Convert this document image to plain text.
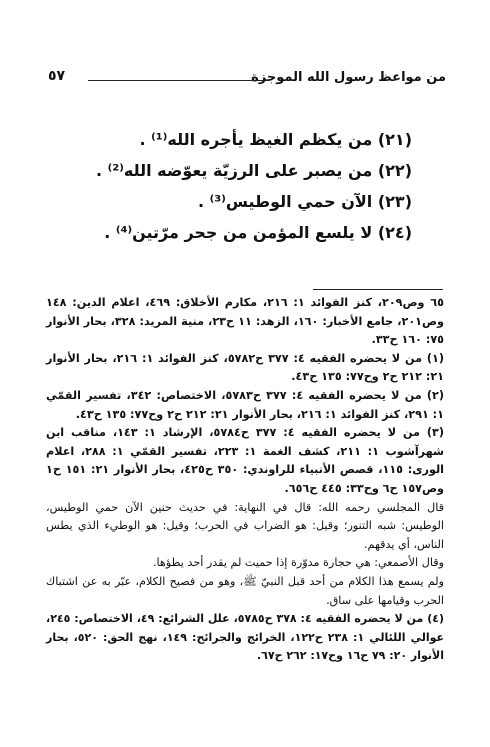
من مواعظ رسول الله الموجزة
٥٧

(٢١) من يكظم الغيظ يأجره الله⁽¹⁾ .

(٢٢) من يصبر على الرزيّة يعوّضه الله⁽²⁾ .

(٢٣) الآن حمي الوطيس⁽³⁾ .

(٢٤) لا يلسع المؤمن من جحر مرّتين⁽⁴⁾ .

٦٥ وص٢٠٩، كنز الفوائد ١: ٢١٦، مكارم الأخلاق: ٤٦٩، اعلام الدين: ١٤٨ وص٢٠١، جامع الأخبار: ١٦٠، الزهد: ١١ ح٢٣، منية المريد: ٣٢٨، بحار الأنوار ٧٥: ١٦٠ ح٣٣.

(١) من لا يحضره الفقيه ٤: ٣٧٧ ح٥٧٨٢، كنز الفوائد ١: ٢١٦، بحار الأنوار ٢١: ٢١٢ ح٢ وح٧٧: ١٣٥ ح٤٣.

(٢) من لا يحضره الفقيه ٤: ٣٧٧ ح٥٧٨٣، الاختصاص: ٣٤٢، تفسير القمّي ١: ٢٩١، كنز الفوائد ١: ٢١٦، بحار الأنوار ٢١: ٢١٢ ح٢ وح٧٧: ١٣٥ ح٤٣.

(٣) من لا يحضره الفقيه ٤: ٣٧٧ ح٥٧٨٤، الإرشاد ١: ١٤٣، مناقب ابن شهرآشوب ١: ٢١١، كشف الغمة ١: ٢٢٣، تفسير القمّي ١: ٢٨٨، اعلام الورى: ١١٥، قصص الأنبياء للراوندي: ٣٥٠ ح٤٢٥، بحار الأنوار ٢١: ١٥١ ح١ وص١٥٧ ح٦ وح٣٣: ٤٤٥ ح٦٥٦.

قال المجلسي رحمه الله: قال في النهاية: في حديث حنين الآن حمي الوطيس، الوطيس: شبه التنور؛ وقيل: هو الضراب في الحرب؛ وقيل: هو الوطيء الذي يطس الناس، أي يدقهم.

وقال الأصمعي: هي حجارة مدوّرة إذا حميت لم يقدر أحد يطؤها.

ولم يسمع هذا الكلام من أحد قبل النبيّ ﷺ، وهو من فصيح الكلام، عبّر به عن اشتباك الحرب وقيامها على ساق.

(٤) من لا يحضره الفقيه ٤: ٣٧٨ ح٥٧٨٥، علل الشرائع: ٤٩، الاختصاص: ٢٤٥، عوالي اللئالي ١: ٢٣٨ ح١٢٢، الخرائج والجرائح: ١٤٩، نهج الحق: ٥٢٠، بحار الأنوار ٢٠: ٧٩ ح١٦ وح١٧: ٢٦٢ ح٦٧.
